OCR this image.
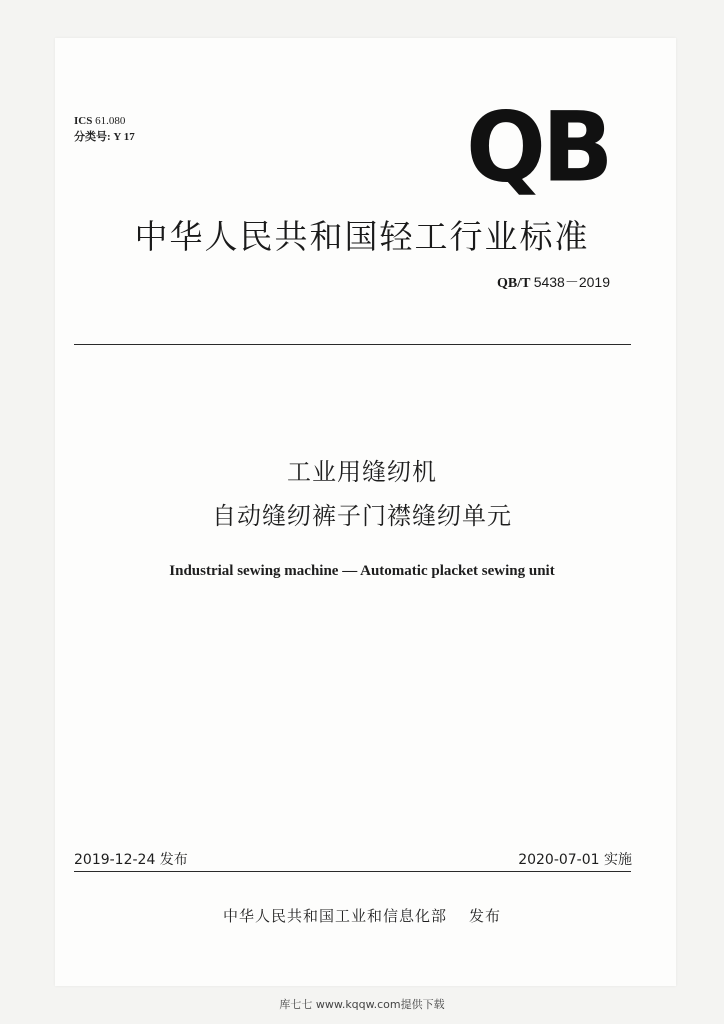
ICS 61.080
分类号: Y 17	QB
中华人民共和国轻工行业标准
QB/T 5438－2019
工业用缝纫机
自动缝纫裤子门襟缝纫单元
Industrial sewing machine — Automatic placket sewing unit
2019-12-24 发布	2020-07-01 实施
中华人民共和国工业和信息化部 发布
库七七 www.kqqw.com提供下载
